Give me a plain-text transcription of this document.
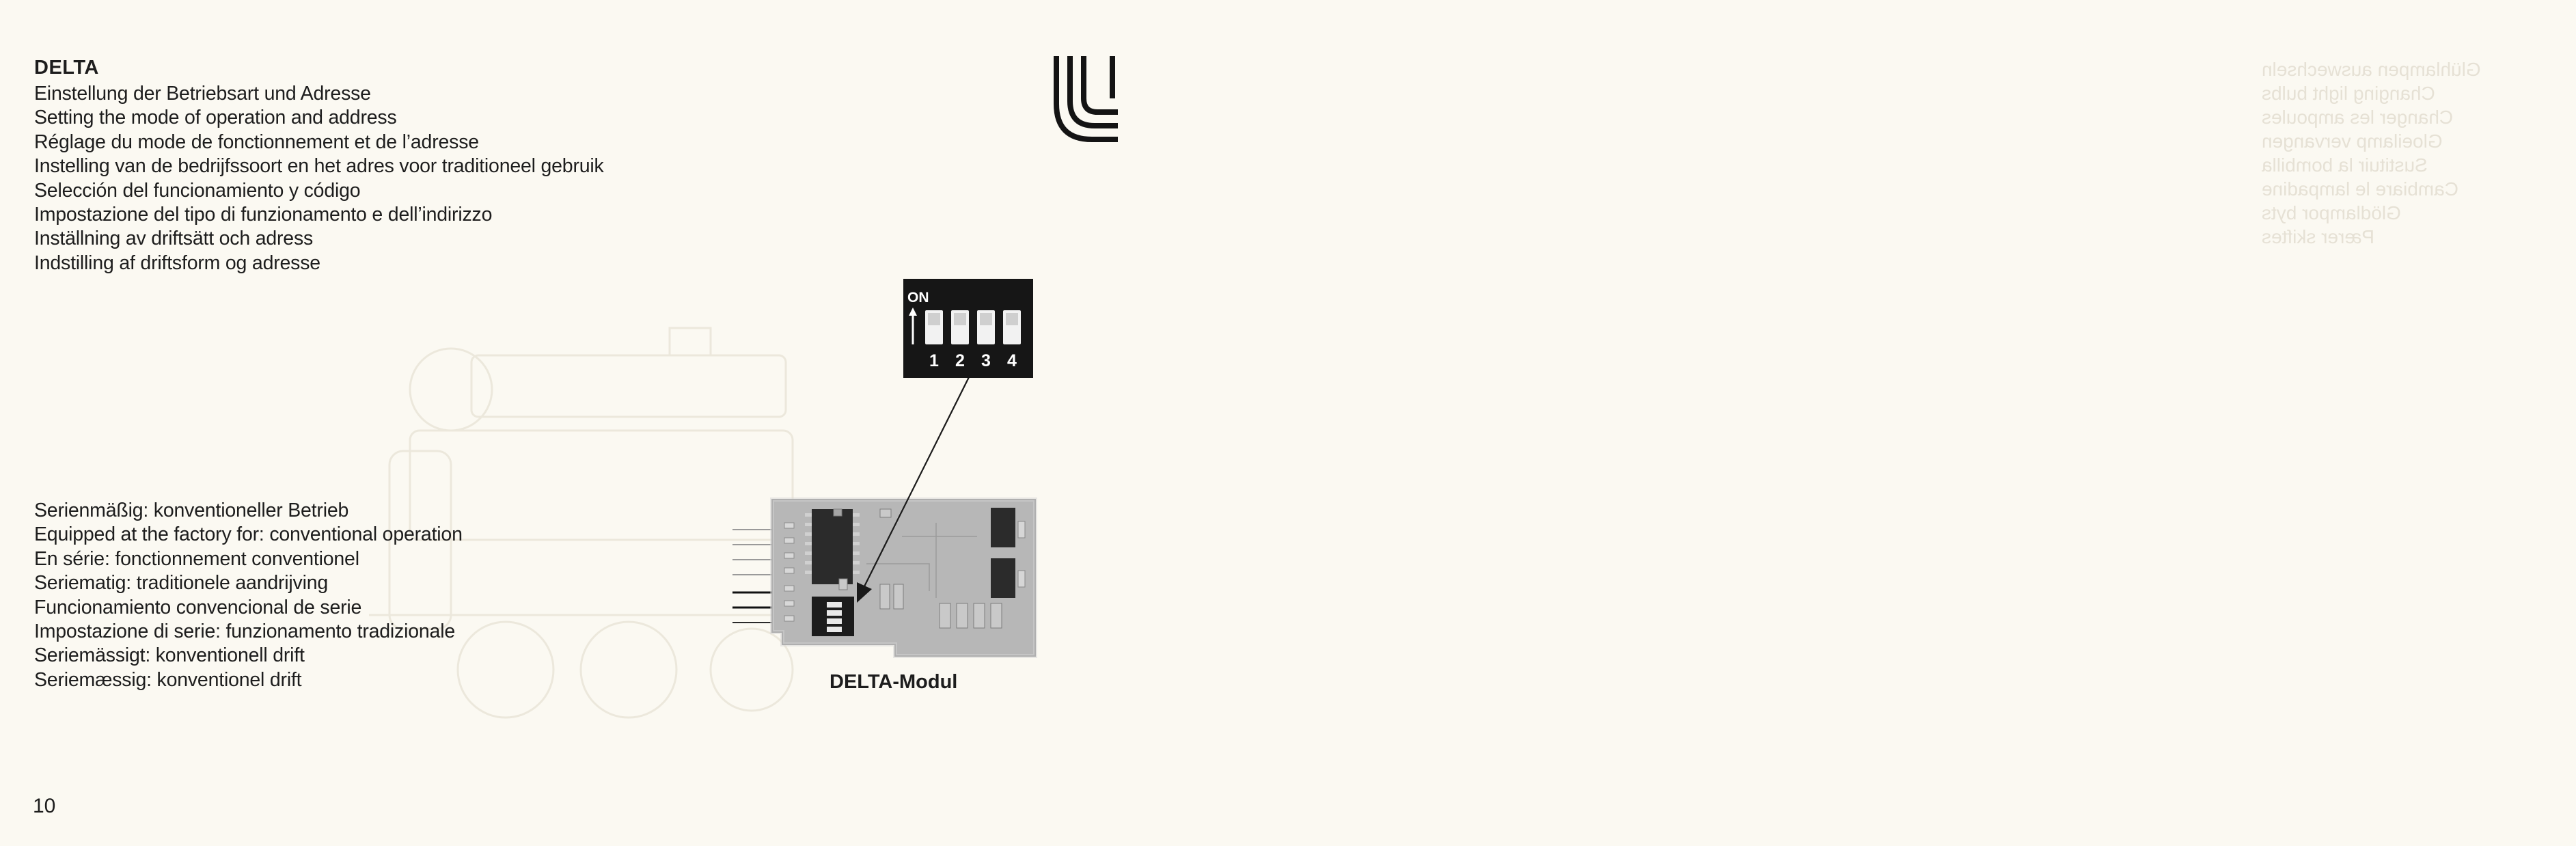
Glühlampen auswechseln
Changing light bulbs
Changer les ampoules
Gloeilamp vervangen
Sustituir la bombilla
Cambiare le lampadine
Glödlampor byts
Pærer skiftes
DELTA
Einstellung der Betriebsart und Adresse
Setting the mode of operation and address
Réglage du mode de fonctionnement et de l’adresse
Instelling van de bedrijfssoort en het adres voor traditioneel gebruik
Selección del funcionamiento y código
Impostazione del tipo di funzionamento e dell’indirizzo
Inställning av driftsätt och adress
Indstilling af driftsform og adresse
Serienmäßig: konventioneller Betrieb
Equipped at the factory for: conventional operation
En série: fonctionnement conventionel
Seriematig: traditionele aandrijving
Funcionamiento convencional de serie
Impostazione di serie: funzionamento tradizionale
Seriemässigt: konventionell drift
Seriemæssig: konventionel drift
ON
1 2 3 4
DELTA-Modul
10
